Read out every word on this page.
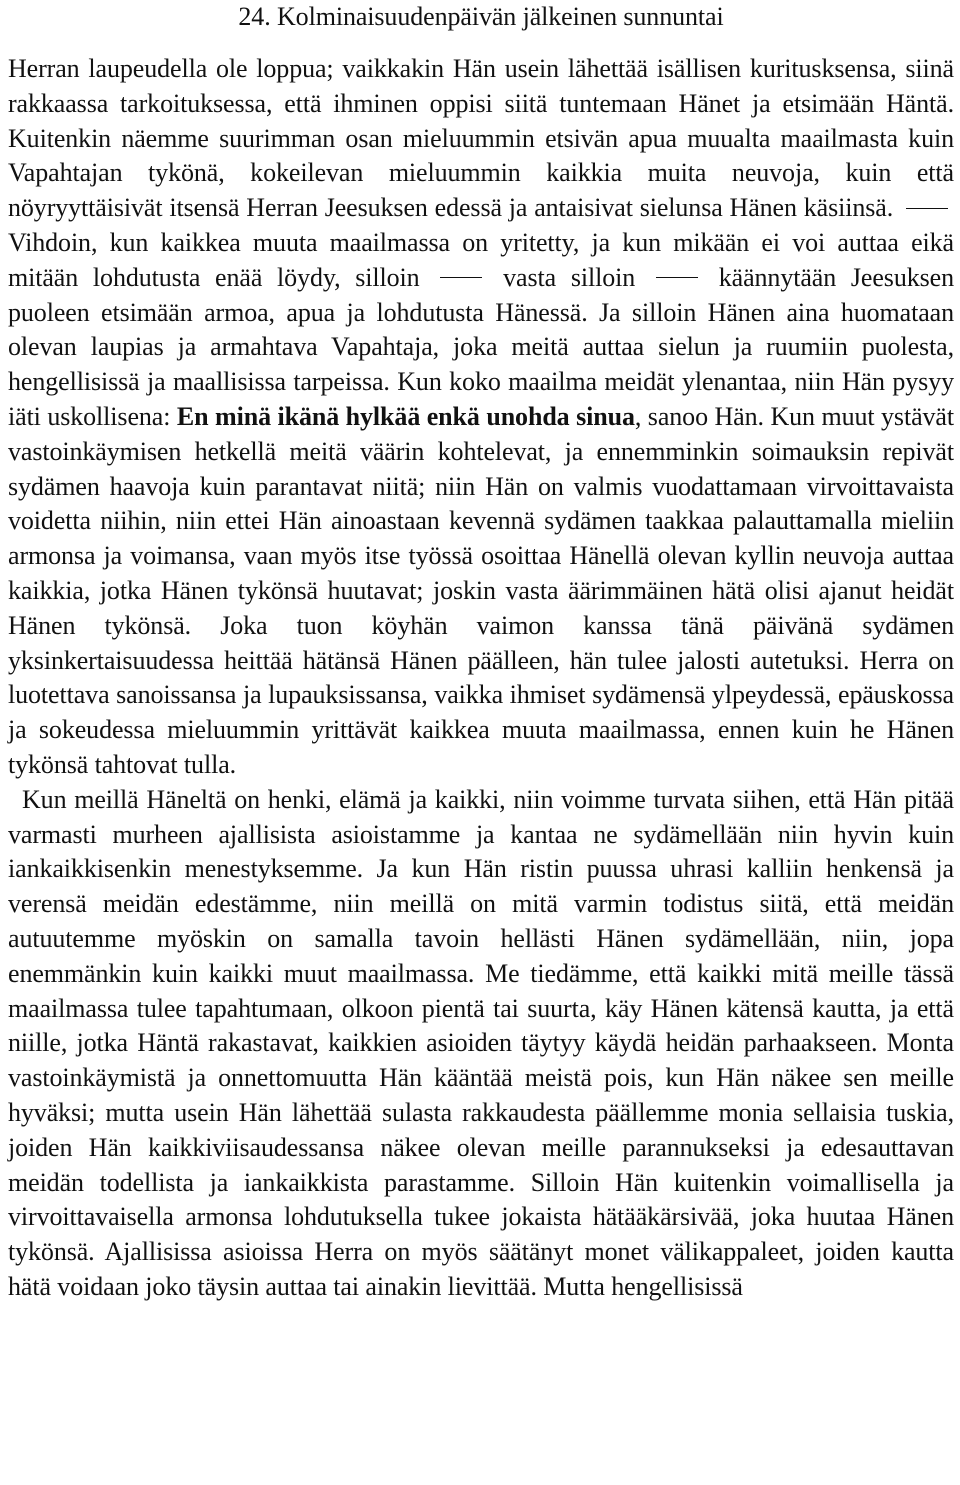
24. Kolminaisuudenpäivän jälkeinen sunnuntai

Herran laupeudella ole loppua; vaikkakin Hän usein lähettää isällisen kuritusksensa, siinä rakkaassa tarkoituksessa, että ihminen oppisi siitä tuntemaan Hänet ja etsimään Häntä. Kuitenkin näemme suurimman osan mieluummin etsivän apua muualta maailmasta kuin Vapahtajan tykönä, kokeilevan mieluummin kaikkia muita neuvoja, kuin että nöyryyttäisivät itsensä Herran Jeesuksen edessä ja antaisivat sielunsa Hänen käsiinsä.  Vihdoin, kun kaikkea muuta maailmassa on yritetty, ja kun mikään ei voi auttaa eikä mitään lohdutusta enää löydy, silloin	vasta silloin	käännytään Jeesuksen puoleen etsimään armoa, apua ja lohdutusta Hänessä. Ja silloin Hänen aina huomataan olevan laupias ja armahtava Vapahtaja, joka meitä auttaa sielun ja ruumiin puolesta, hengellisissä ja maallisissa tarpeissa. Kun koko maailma meidät ylenantaa, niin Hän pysyy iäti uskollisena: En minä ikänä hylkää enkä unohda sinua, sanoo Hän. Kun muut ystävät vastoinkäymisen hetkellä meitä väärin kohtelevat, ja ennemminkin soimauksin repivät sydämen haavoja kuin parantavat niitä; niin Hän on valmis vuodattamaan virvoittavaista voidetta niihin, niin ettei Hän ainoastaan kevennä sydämen taakkaa palauttamalla mieliin armonsa ja voimansa, vaan myös itse työssä osoittaa Hänellä olevan kyllin neuvoja auttaa kaikkia, jotka Hänen tykönsä huutavat; joskin vasta äärimmäinen hätä olisi ajanut heidät Hänen tykönsä. Joka tuon köyhän vaimon kanssa tänä päivänä sydämen yksinkertaisuudessa heittää hätänsä Hänen päälleen, hän tulee jalosti autetuksi. Herra on luotettava sanoissansa ja lupauksissansa, vaikka ihmiset sydämensä ylpeydessä, epäuskossa ja sokeudessa mieluummin yrittävät kaikkea muuta maailmassa, ennen kuin he Hänen tykönsä tahtovat tulla.

Kun meillä Häneltä on henki, elämä ja kaikki, niin voimme turvata siihen, että Hän pitää varmasti murheen ajallisista asioistamme ja kantaa ne sydämellään niin hyvin kuin iankaikkisenkin menestyksemme. Ja kun Hän ristin puussa uhrasi kalliin henkensä ja verensä meidän edestämme, niin meillä on mitä varmin todistus siitä, että meidän autuutemme myöskin on samalla tavoin hellästi Hänen sydämellään, niin, jopa enemmänkin kuin kaikki muut maailmassa. Me tiedämme, että kaikki mitä meille tässä maailmassa tulee tapahtumaan, olkoon pientä tai suurta, käy Hänen kätensä kautta, ja että niille, jotka Häntä rakastavat, kaikkien asioiden täytyy käydä heidän parhaakseen. Monta vastoinkäymistä ja onnettomuutta Hän kääntää meistä pois, kun Hän näkee sen meille hyväksi; mutta usein Hän lähettää sulasta rakkaudesta päällemme monia sellaisia tuskia, joiden Hän kaikkiviisaudessansa näkee olevan meille parannukseksi ja edesauttavan meidän todellista ja iankaikkista parastamme. Silloin Hän kuitenkin voimallisella ja virvoittavaisella armonsa lohdutuksella tukee jokaista hätääkärsivää, joka huutaa Hänen tykönsä. Ajallisissa asioissa Herra on myös säätänyt monet välikappaleet, joiden kautta hätä voidaan joko täysin auttaa tai ainakin lievittää. Mutta hengellisissä
